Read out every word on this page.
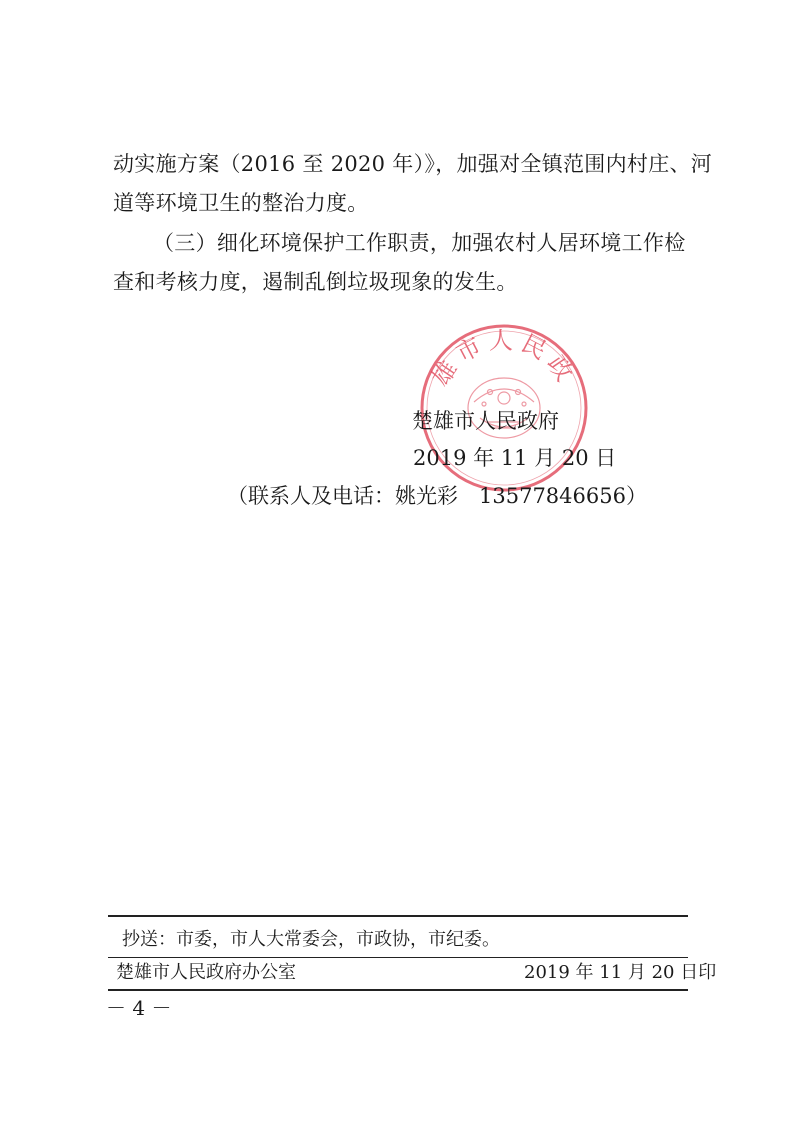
动实施方案（2016 至 2020 年）》，加强对全镇范围内村庄、河
道等环境卫生的整治力度。
（三）细化环境保护工作职责，加强农村人居环境工作检
查和考核力度，遏制乱倒垃圾现象的发生。
雄市人民政
楚雄市人民政府
2019 年 11 月 20 日
（联系人及电话：姚光彩　13577846656）
抄送：市委，市人大常委会，市政协，市纪委。
楚雄市人民政府办公室	2019 年 11 月 20 日印
－ 4 －
